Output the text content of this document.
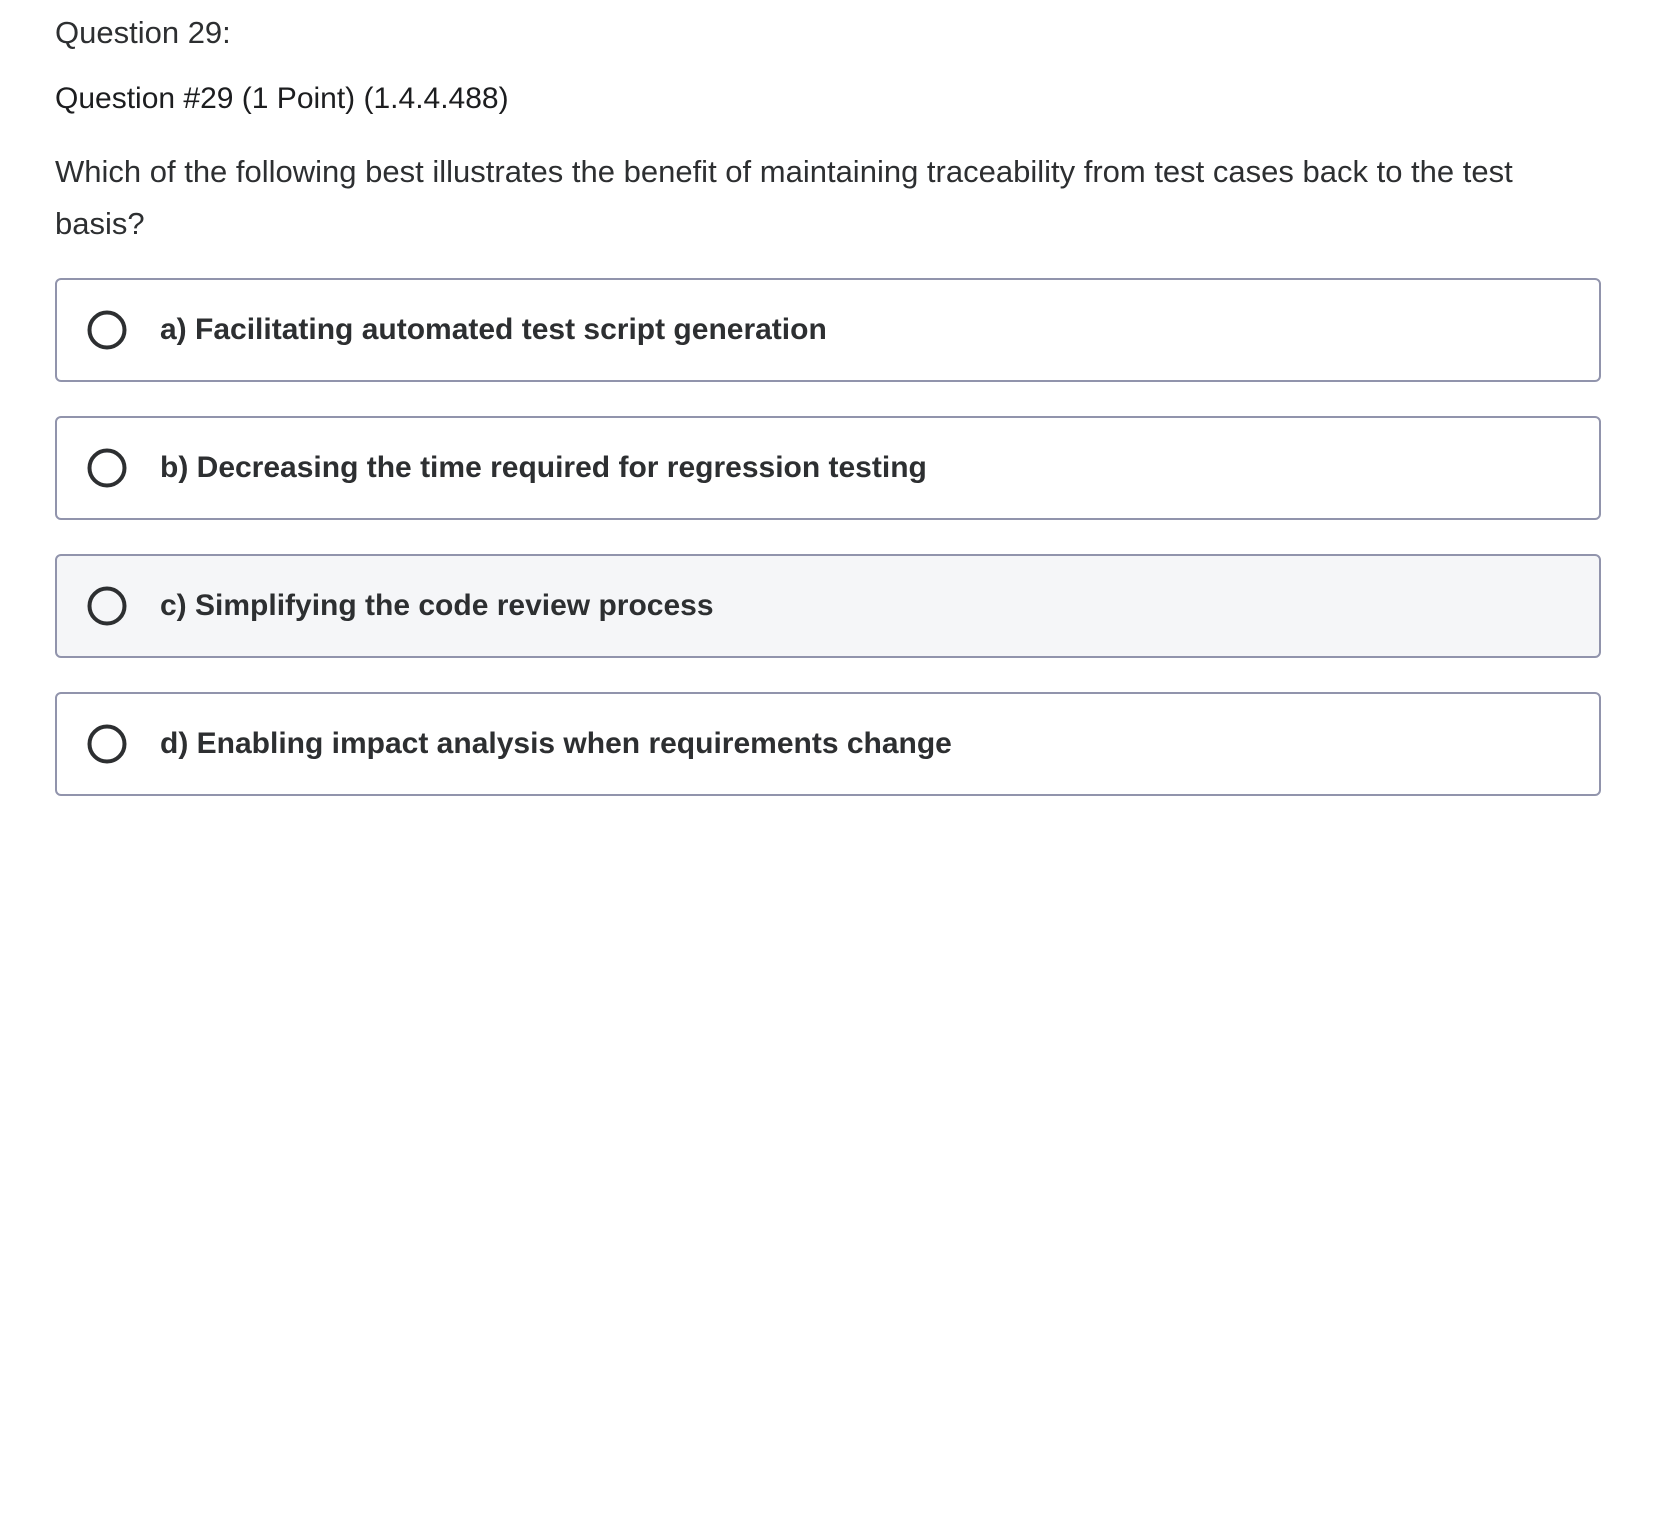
Question 29:
Question #29 (1 Point) (1.4.4.488)

Which of the following best illustrates the benefit of maintaining traceability from test cases back to the test basis?

a) Facilitating automated test script generation
b) Decreasing the time required for regression testing
c) Simplifying the code review process
d) Enabling impact analysis when requirements change
